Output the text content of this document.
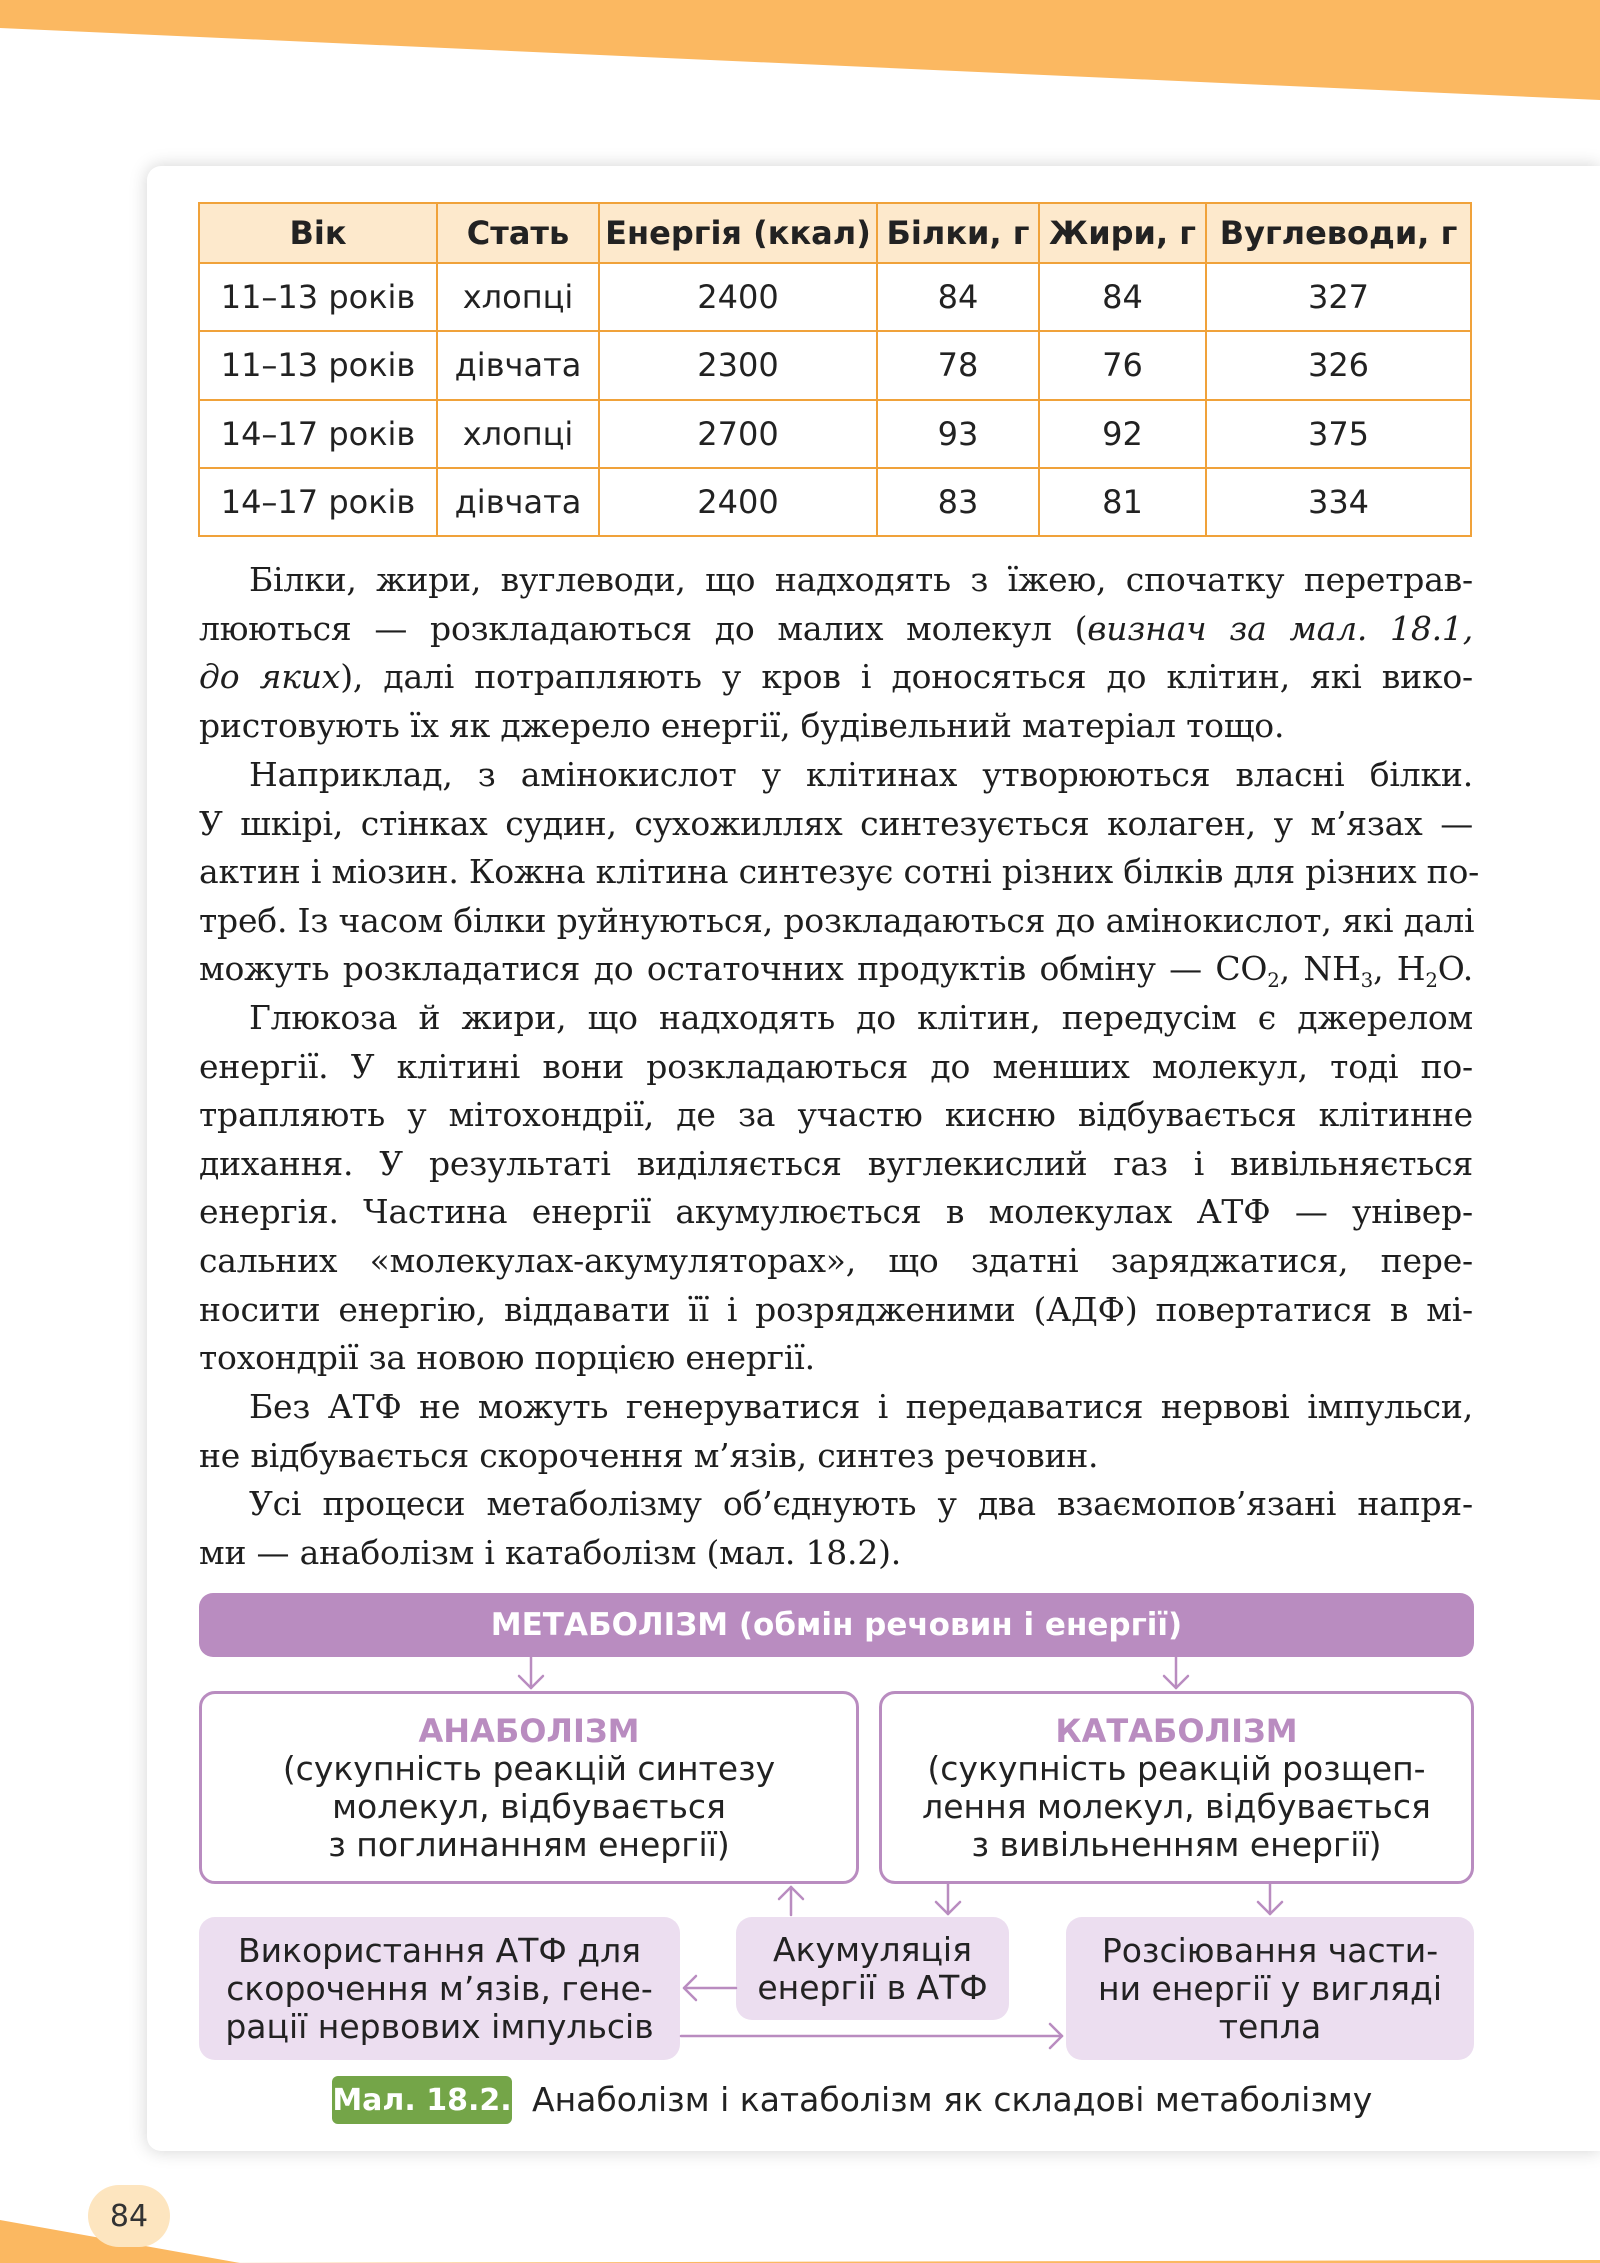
Вік	Стать	Енергія (ккал)	Білки, г	Жири, г	Вуглеводи, г
11–13 років	хлопці	2400	84	84	327
11–13 років	дівчата	2300	78	76	326
14–17 років	хлопці	2700	93	92	375
14–17 років	дівчата	2400	83	81	334
Білки, жири, вуглеводи, що надходять з їжею, спочатку перетрав-
люються — розкладаються до малих молекул (визнач за мал. 18.1,
до яких), далі потрапляють у кров і доносяться до клітин, які вико-
ристовують їх як джерело енергії, будівельний матеріал тощо.
Наприклад, з амінокислот у клітинах утворюються власні білки.
У шкірі, стінках судин, сухожиллях синтезується колаген, у м’язах —
актин і міозин. Кожна клітина синтезує сотні різних білків для різних по-
треб. Із часом білки руйнуються, розкладаються до амінокислот, які далі
можуть розкладатися до остаточних продуктів обміну — $CO_2$, $NH_3$, $H_2O$.
Глюкоза й жири, що надходять до клітин, передусім є джерелом
енергії. У клітині вони розкладаються до менших молекул, тоді по-
трапляють у мітохондрії, де за участю кисню відбувається клітинне
дихання. У результаті виділяється вуглекислий газ і вивільняється
енергія. Частина енергії акумулюється в молекулах АТФ — універ-
сальних «молекулах-акумуляторах», що здатні заряджатися, пере-
носити енергію, віддавати її і розрядженими (АДФ) повертатися в мі-
тохондрії за новою порцією енергії.
Без АТФ не можуть генеруватися і передаватися нервові імпульси,
не відбувається скорочення м’язів, синтез речовин.
Усі процеси метаболізму об’єднують у два взаємопов’язані напря-
ми — анаболізм і катаболізм (мал. 18.2).
МЕТАБОЛІЗМ (обмін речовин і енергії)
АНАБОЛІЗМ
(сукупність реакцій синтезу
молекул, відбувається
з поглинанням енергії)
КАТАБОЛІЗМ
(сукупність реакцій розщеп-
лення молекул, відбувається
з вивільненням енергії)
Використання АТФ для
скорочення м’язів, гене-
рації нервових імпульсів
Акумуляція
енергії в АТФ
Розсіювання части-
ни енергії у вигляді
тепла
Мал. 18.2. Анаболізм і катаболізм як складові метаболізму
84
